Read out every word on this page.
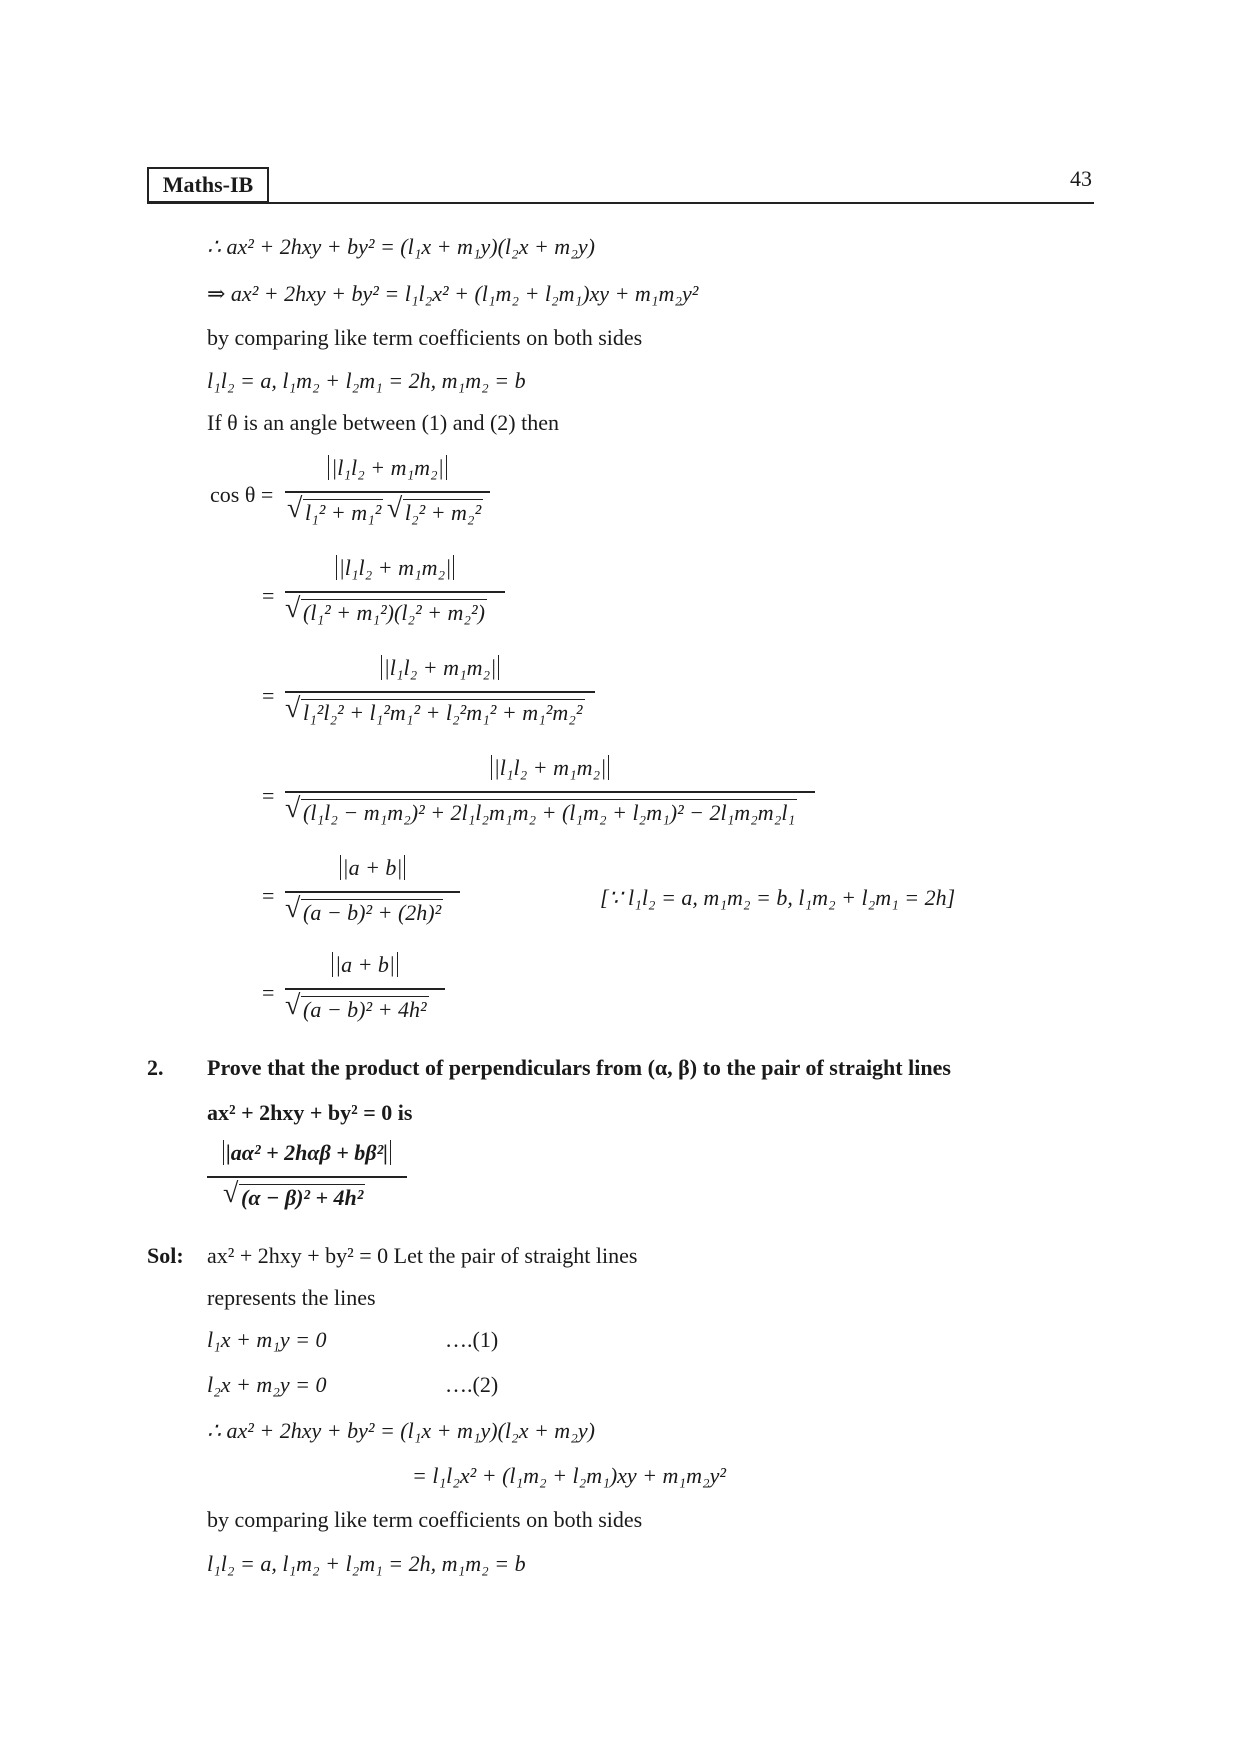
Maths-IB	43
∴ ax² + 2hxy + by² = (l₁x + m₁y)(l₂x + m₂y)
⇒ ax² + 2hxy + by² = l₁l₂x² + (l₁m₂ + l₂m₁)xy + m₁m₂y²
by comparing like term coefficients on both sides
l₁l₂ = a, l₁m₂ + l₂m₁ = 2h, m₁m₂ = b
If θ is an angle between (1) and (2) then
cos θ =
|l₁l₂ + m₁m₂|
√ l₁² + m₁² √ l₂² + m₂²
=
|l₁l₂ + m₁m₂|
√ (l₁² + m₁²)(l₂² + m₂²)
=
|l₁l₂ + m₁m₂|
√ l₁²l₂² + l₁²m₁² + l₂²m₁² + m₁²m₂²
=
|l₁l₂ + m₁m₂|
√ (l₁l₂ − m₁m₂)² + 2l₁l₂m₁m₂ + (l₁m₂ + l₂m₁)² − 2l₁m₂m₂l₁
=
|a + b|
√ (a − b)² + (2h)²
[∵ l₁l₂ = a, m₁m₂ = b, l₁m₂ + l₂m₁ = 2h]
=
|a + b|
√ (a − b)² + 4h²
2. Prove that the product of perpendiculars from (α, β) to the pair of straight lines
ax² + 2hxy + by² = 0 is
|aα² + 2hαβ + bβ²|
√ (α − β)² + 4h²
Sol: ax² + 2hxy + by² = 0 Let the pair of straight lines
represents the lines
l₁x + m₁y = 0	….(1)
l₂x + m₂y = 0	….(2)
∴ ax² + 2hxy + by² = (l₁x + m₁y)(l₂x + m₂y)
= l₁l₂x² + (l₁m₂ + l₂m₁)xy + m₁m₂y²
by comparing like term coefficients on both sides
l₁l₂ = a, l₁m₂ + l₂m₁ = 2h, m₁m₂ = b
